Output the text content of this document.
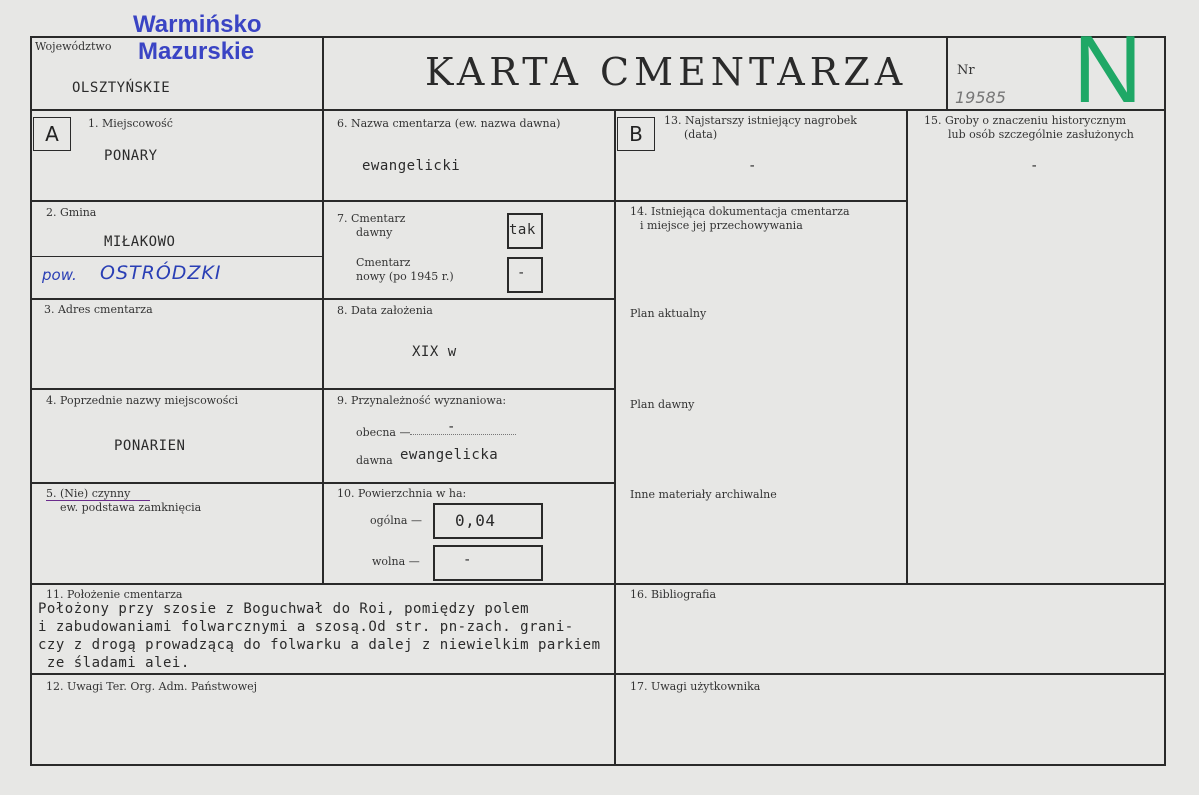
Warmińsko
Mazurskie
Województwo
OLSZTYŃSKIE	KARTA CMENTARZA	Nr
19585 N
A	B
1. Miejscowość
PONARY
2. Gmina
MIŁAKOWO
pow. OSTRÓDZKI
3. Adres cmentarza
4. Poprzednie nazwy miejscowości
PONARIEN
5. (Nie) czynny
ew. podstawa zamknięcia
6. Nazwa cmentarza (ew. nazwa dawna)
ewangelicki
7. Cmentarz
dawny	tak
Cmentarz
nowy (po 1945 r.)	-
8. Data założenia
XIX w
9. Przynależność wyznaniowa:
obecna —	-
dawna ewangelicka
10. Powierzchnia w ha:
ogólna — 0,04
wolna —	-
11. Położenie cmentarza
Położony przy szosie z Boguchwał do Roi, pomiędzy polem
i zabudowaniami folwarcznymi a szosą.Od str. pn-zach. grani-
czy z drogą prowadzącą do folwarku a dalej z niewielkim parkiem
ze śladami alei.
12. Uwagi Ter. Org. Adm. Państwowej
13. Najstarszy istniejący nagrobek
(data)
-
14. Istniejąca dokumentacja cmentarza
i miejsce jej przechowywania
Plan aktualny
Plan dawny
Inne materiały archiwalne
15. Groby o znaczeniu historycznym
lub osób szczególnie zasłużonych
-
16. Bibliografia
17. Uwagi użytkownika
